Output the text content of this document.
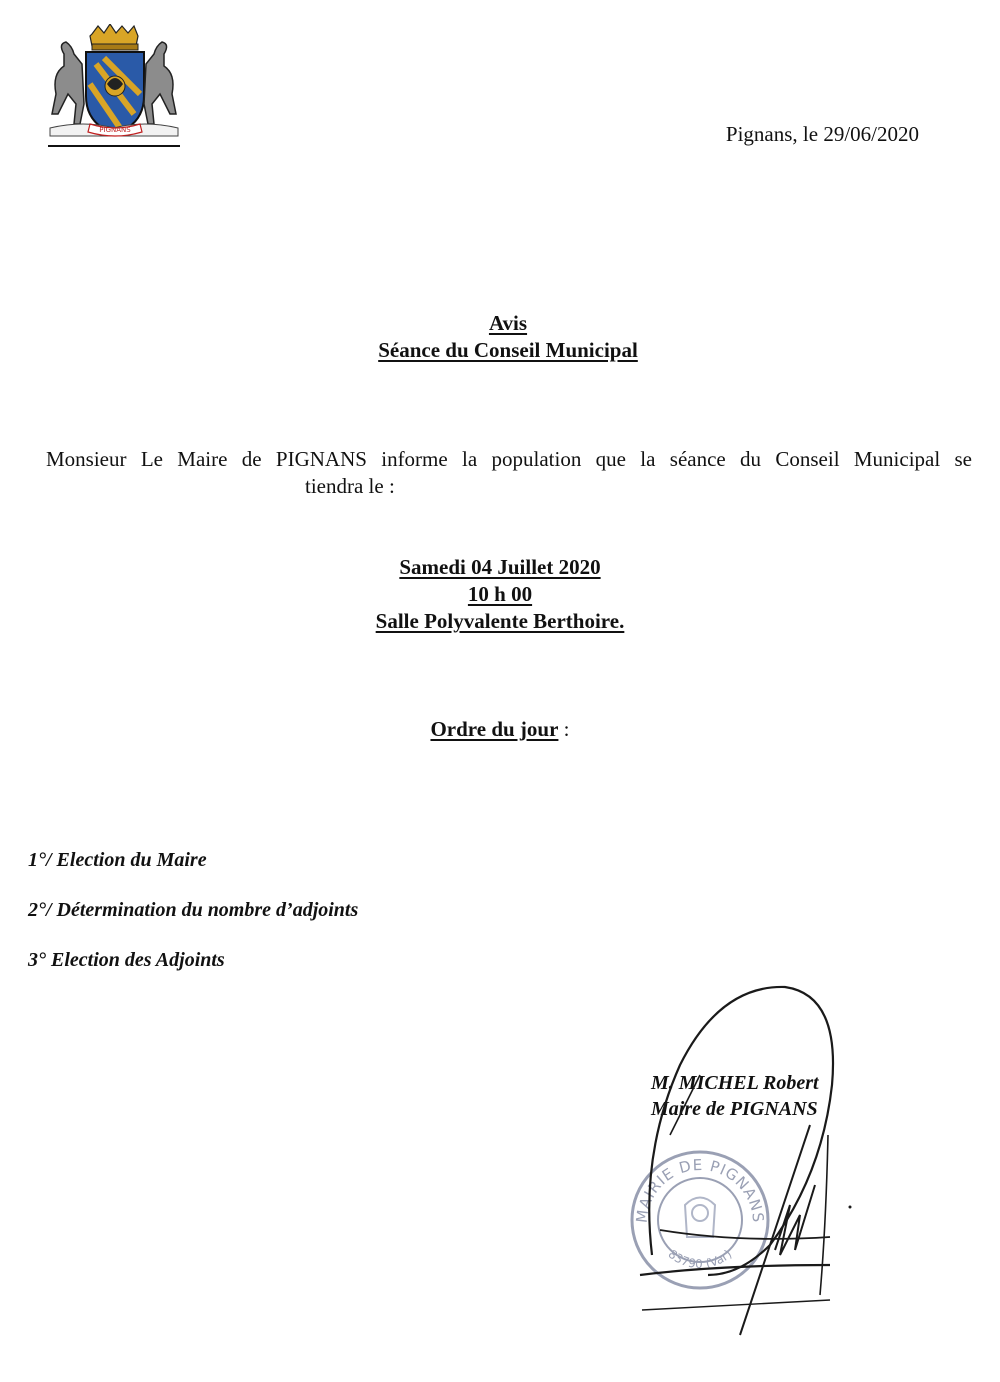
PIGNANS	Pignans, le 29/06/2020
Avis
Séance du Conseil Municipal
Monsieur Le Maire de PIGNANS informe la population que la séance du Conseil Municipal se
tiendra le :
Samedi 04 Juillet 2020
10 h 00
Salle Polyvalente Berthoire.
Ordre du jour :
1°/ Election du Maire
2°/ Détermination du nombre d’adjoints
3° Election des Adjoints
MAIRIE DE PIGNANS
83790 (Var)
M. MICHEL Robert
Maire de PIGNANS
